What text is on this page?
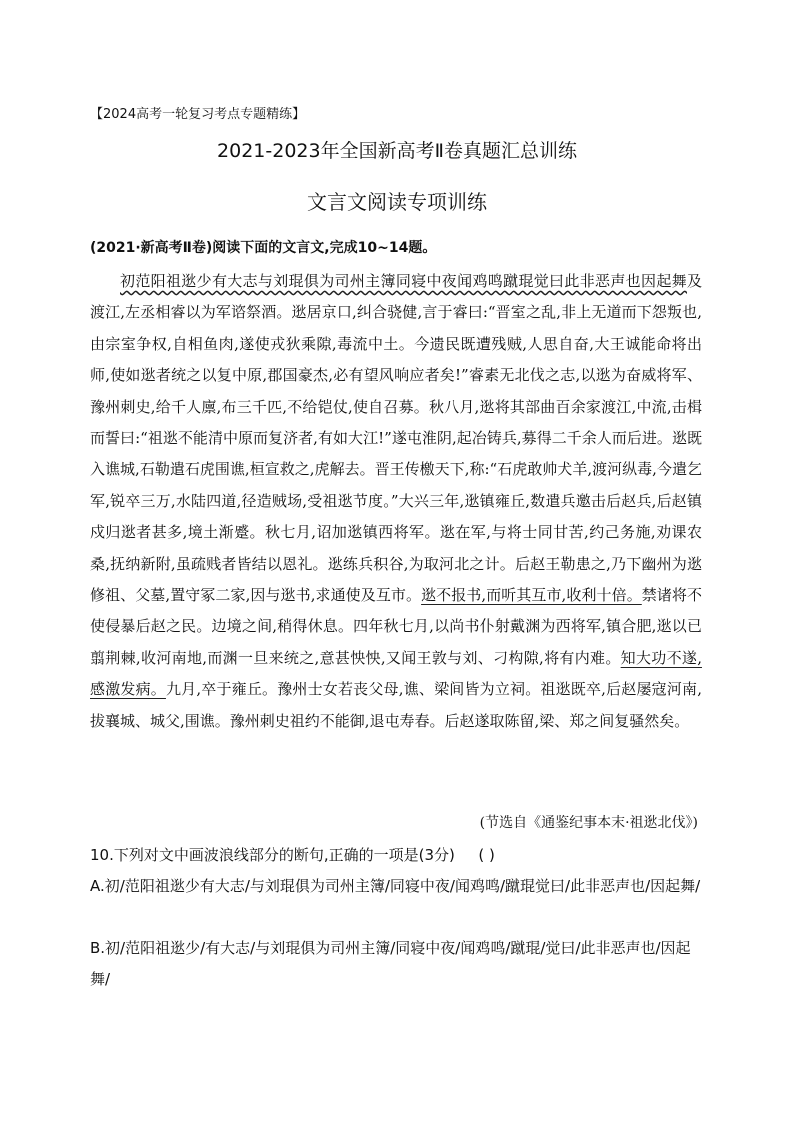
【2024高考一轮复习考点专题精练】
2021-2023年全国新高考Ⅱ卷真题汇总训练
文言文阅读专项训练
(2021·新高考Ⅱ卷)阅读下面的文言文,完成10~14题。

初范阳祖逖少有大志与刘琨俱为司州主簿同寝中夜闻鸡鸣蹴琨觉曰此非恶声也因起舞及渡江,左丞相睿以为军谘祭酒。逖居京口,纠合骁健,言于睿曰:“晋室之乱,非上无道而下怨叛也,由宗室争权,自相鱼肉,遂使戎狄乘隙,毒流中土。今遗民既遭残贼,人思自奋,大王诚能命将出师,使如逖者统之以复中原,郡国豪杰,必有望风响应者矣!”睿素无北伐之志,以逖为奋威将军、豫州刺史,给千人廪,布三千匹,不给铠仗,使自召募。秋八月,逖将其部曲百余家渡江,中流,击楫而誓曰:“祖逖不能清中原而复济者,有如大江!”遂屯淮阴,起冶铸兵,募得二千余人而后进。逖既入谯城,石勒遣石虎围谯,桓宣救之,虎解去。晋王传檄天下,称:“石虎敢帅犬羊,渡河纵毒,今遣乞军,锐卒三万,水陆四道,径造贼场,受祖逖节度。”大兴三年,逖镇雍丘,数遣兵邀击后赵兵,后赵镇戍归逖者甚多,境土渐蹙。秋七月,诏加逖镇西将军。逖在军,与将士同甘苦,约己务施,劝课农桑,抚纳新附,虽疏贱者皆结以恩礼。逖练兵积谷,为取河北之计。后赵王勒患之,乃下幽州为逖修祖、父墓,置守冢二家,因与逖书,求通使及互市。逖不报书,而听其互市,收利十倍。禁诸将不使侵暴后赵之民。边境之间,稍得休息。四年秋七月,以尚书仆射戴渊为西将军,镇合肥,逖以已翦荆棘,收河南地,而渊一旦来统之,意甚怏怏,又闻王敦与刘、刁构隙,将有内难。知大功不遂,感激发病。九月,卒于雍丘。豫州士女若丧父母,谯、梁间皆为立祠。祖逖既卒,后赵屡寇河南,拔襄城、城父,围谯。豫州刺史祖约不能御,退屯寿春。后赵遂取陈留,梁、郑之间复骚然矣。

(节选自《通鉴纪事本末·祖逖北伐》)
10.下列对文中画波浪线部分的断句,正确的一项是(3分) ( )
A.初/范阳祖逖少有大志/与刘琨俱为司州主簿/同寝中夜/闻鸡鸣/蹴琨觉曰/此非恶声也/因起舞/
B.初/范阳祖逖少/有大志/与刘琨俱为司州主簿/同寝中夜/闻鸡鸣/蹴琨/觉曰/此非恶声也/因起舞/
